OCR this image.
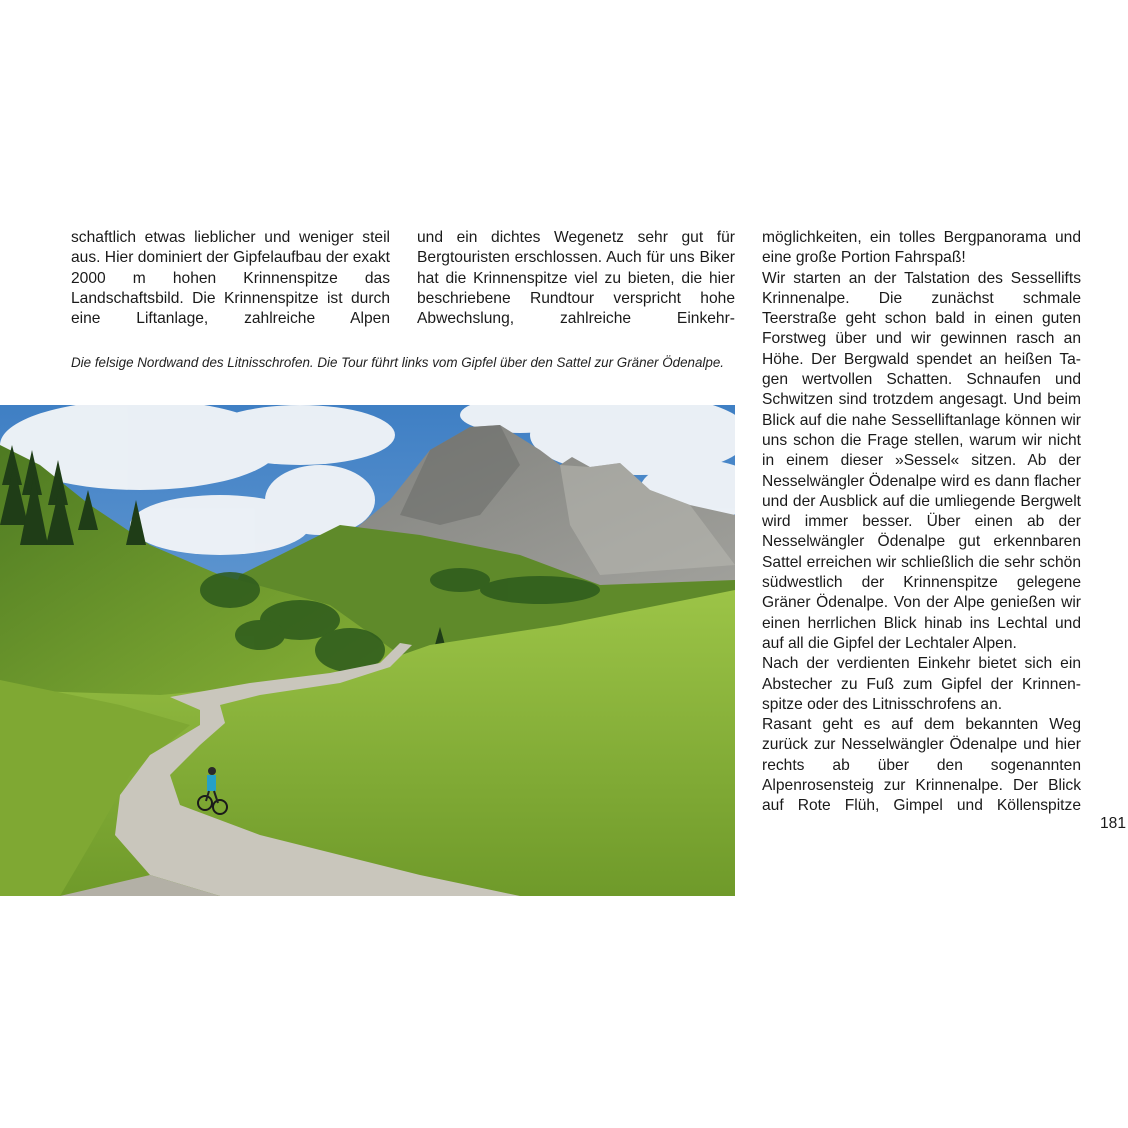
schaftlich etwas lieblicher und weniger steil aus. Hier dominiert der Gipfelaufbau der exakt 2000 m hohen Krinnenspitze das Landschaftsbild. Die Krinnenspitze ist durch eine Liftanlage, zahlreiche Alpen

und ein dichtes Wegenetz sehr gut für Bergtouristen erschlossen. Auch für uns Biker hat die Krinnenspitze viel zu bieten, die hier beschriebene Rundtour verspricht hohe Abwechslung, zahlreiche Einkehr-

möglichkeiten, ein tolles Bergpanorama und eine große Portion Fahrspaß!

Wir starten an der Talstation des Sessellifts Krinnenalpe. Die zunächst schmale Teerstraße geht schon bald in einen guten Forstweg über und wir gewinnen rasch an Höhe. Der Bergwald spendet an heißen Tagen wertvollen Schatten. Schnaufen und Schwitzen sind trotzdem angesagt. Und beim Blick auf die nahe Sesselliftanlage können wir uns schon die Frage stellen, warum wir nicht in einem dieser »Sessel« sitzen. Ab der Nesselwängler Ödenalpe wird es dann flacher und der Ausblick auf die umliegende Bergwelt wird immer besser. Über einen ab der Nesselwängler Ödenalpe gut erkennbaren Sattel erreichen wir schließlich die sehr schön südwestlich der Krinnenspitze gelegene Gräner Ödenalpe. Von der Alpe genießen wir einen herrlichen Blick hinab ins Lechtal und auf all die Gipfel der Lechtaler Alpen.

Nach der verdienten Einkehr bietet sich ein Abstecher zu Fuß zum Gipfel der Krinnenspitze oder des Litnisschrofens an.

Rasant geht es auf dem bekannten Weg zurück zur Nesselwängler Ödenalpe und hier rechts ab über den sogenannten Alpenrosensteig zur Krinnenalpe. Der Blick auf Rote Flüh, Gimpel und Köllenspitze

Die felsige Nordwand des Litnisschrofen. Die Tour führt links vom Gipfel über den Sattel zur Gräner Ödenalpe.
181
